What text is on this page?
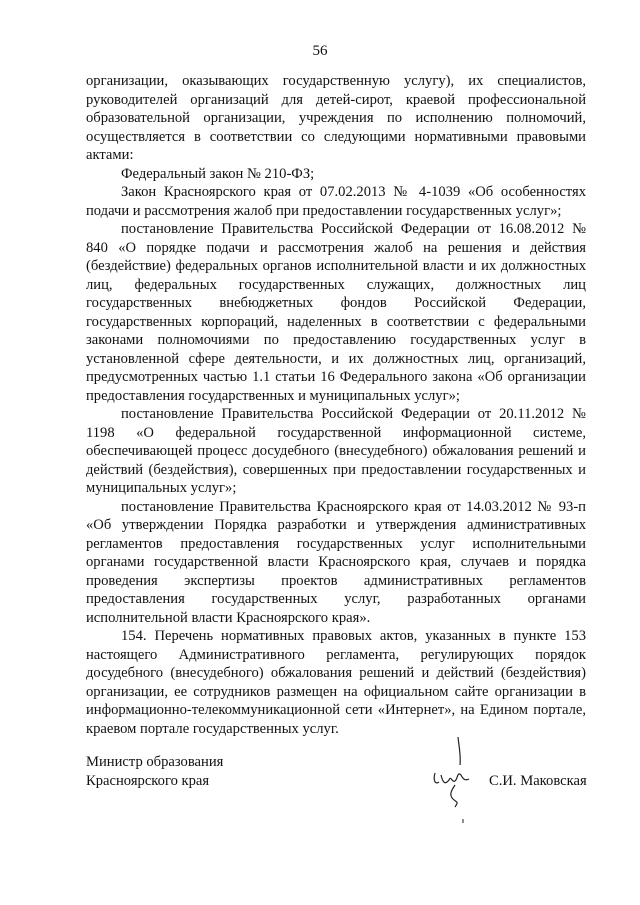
56

организации, оказывающих государственную услугу), их специалистов, руководителей организаций для детей-сирот, краевой профессиональной образовательной организации, учреждения по исполнению полномочий, осуществляется в соответствии со следующими нормативными правовыми актами:

Федеральный закон № 210-ФЗ;

Закон Красноярского края от 07.02.2013 № 4-1039 «Об особенностях подачи и рассмотрения жалоб при предоставлении государственных услуг»;

постановление Правительства Российской Федерации от 16.08.2012 № 840 «О порядке подачи и рассмотрения жалоб на решения и действия (бездействие) федеральных органов исполнительной власти и их должностных лиц, федеральных государственных служащих, должностных лиц государственных внебюджетных фондов Российской Федерации, государственных корпораций, наделенных в соответствии с федеральными законами полномочиями по предоставлению государственных услуг в установленной сфере деятельности, и их должностных лиц, организаций, предусмотренных частью 1.1 статьи 16 Федерального закона «Об организации предоставления государственных и муниципальных услуг»;

постановление Правительства Российской Федерации от 20.11.2012 № 1198 «О федеральной государственной информационной системе, обеспечивающей процесс досудебного (внесудебного) обжалования решений и действий (бездействия), совершенных при предоставлении государственных и муниципальных услуг»;

постановление Правительства Красноярского края от 14.03.2012 № 93-п «Об утверждении Порядка разработки и утверждения административных регламентов предоставления государственных услуг исполнительными органами государственной власти Красноярского края, случаев и порядка проведения экспертизы проектов административных регламентов предоставления государственных услуг, разработанных органами исполнительной власти Красноярского края».

154. Перечень нормативных правовых актов, указанных в пункте 153 настоящего Административного регламента, регулирующих порядок досудебного (внесудебного) обжалования решений и действий (бездействия) организации, ее сотрудников размещен на официальном сайте организации в информационно-телекоммуникационной сети «Интернет», на Едином портале, краевом портале государственных услуг.

Министр образования
Красноярского края	С.И. Маковская
